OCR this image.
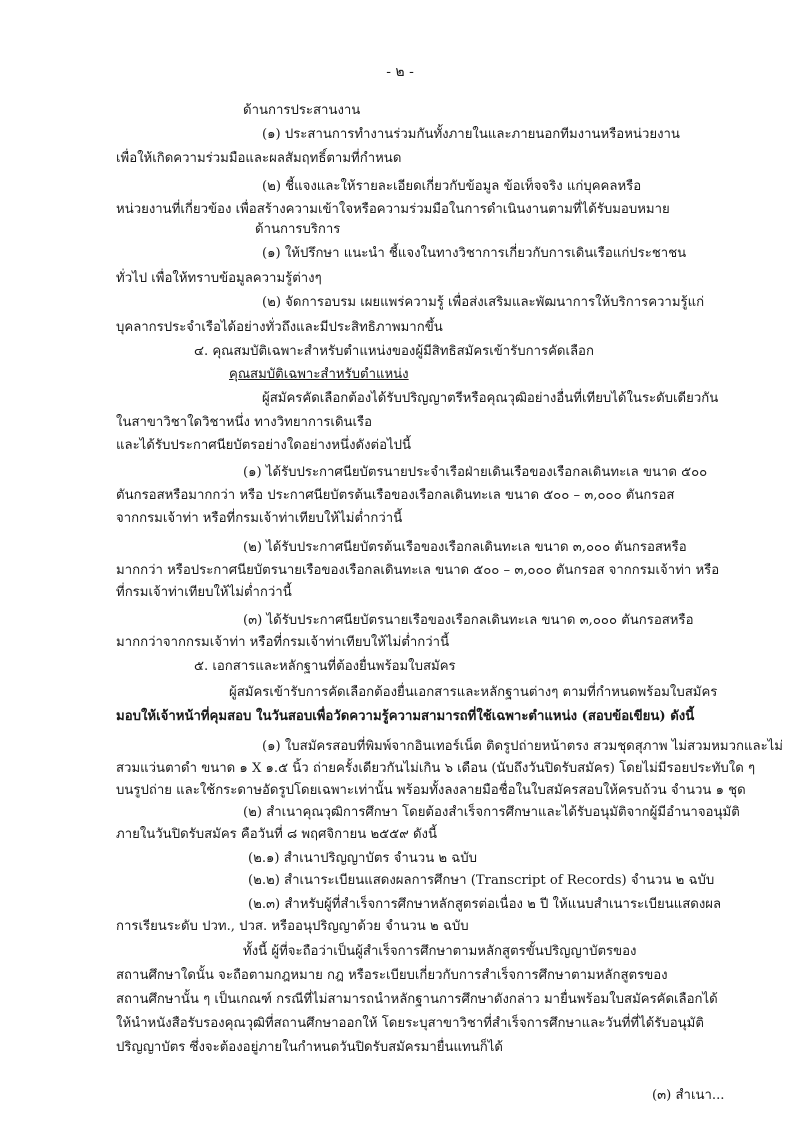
- ๒ -
ด้านการประสานงาน
(๑) ประสานการทำงานร่วมกันทั้งภายในและภายนอกทีมงานหรือหน่วยงาน
เพื่อให้เกิดความร่วมมือและผลสัมฤทธิ์ตามที่กำหนด
(๒) ชี้แจงและให้รายละเอียดเกี่ยวกับข้อมูล ข้อเท็จจริง แก่บุคคลหรือ
หน่วยงานที่เกี่ยวข้อง เพื่อสร้างความเข้าใจหรือความร่วมมือในการดำเนินงานตามที่ได้รับมอบหมาย
ด้านการบริการ
(๑) ให้ปรึกษา แนะนำ ชี้แจงในทางวิชาการเกี่ยวกับการเดินเรือแก่ประชาชน
ทั่วไป เพื่อให้ทราบข้อมูลความรู้ต่างๆ
(๒) จัดการอบรม เผยแพร่ความรู้ เพื่อส่งเสริมและพัฒนาการให้บริการความรู้แก่
บุคลากรประจำเรือได้อย่างทั่วถึงและมีประสิทธิภาพมากขึ้น
๔. คุณสมบัติเฉพาะสำหรับตำแหน่งของผู้มีสิทธิสมัครเข้ารับการคัดเลือก
คุณสมบัติเฉพาะสำหรับตำแหน่ง
ผู้สมัครคัดเลือกต้องได้รับปริญญาตรีหรือคุณวุฒิอย่างอื่นที่เทียบได้ในระดับเดียวกัน
ในสาขาวิชาใดวิชาหนึ่ง ทางวิทยาการเดินเรือ
และได้รับประกาศนียบัตรอย่างใดอย่างหนึ่งดังต่อไปนี้
(๑) ได้รับประกาศนียบัตรนายประจำเรือฝ่ายเดินเรือของเรือกลเดินทะเล ขนาด ๕๐๐
ตันกรอสหรือมากกว่า หรือ ประกาศนียบัตรต้นเรือของเรือกลเดินทะเล ขนาด ๕๐๐ – ๓,๐๐๐ ตันกรอส
จากกรมเจ้าท่า หรือที่กรมเจ้าท่าเทียบให้ไม่ต่ำกว่านี้
(๒) ได้รับประกาศนียบัตรต้นเรือของเรือกลเดินทะเล ขนาด ๓,๐๐๐ ตันกรอสหรือ
มากกว่า หรือประกาศนียบัตรนายเรือของเรือกลเดินทะเล ขนาด ๕๐๐ – ๓,๐๐๐ ตันกรอส จากกรมเจ้าท่า หรือ
ที่กรมเจ้าท่าเทียบให้ไม่ต่ำกว่านี้
(๓) ได้รับประกาศนียบัตรนายเรือของเรือกลเดินทะเล ขนาด ๓,๐๐๐ ตันกรอสหรือ
มากกว่าจากกรมเจ้าท่า หรือที่กรมเจ้าท่าเทียบให้ไม่ต่ำกว่านี้
๕. เอกสารและหลักฐานที่ต้องยื่นพร้อมใบสมัคร
ผู้สมัครเข้ารับการคัดเลือกต้องยื่นเอกสารและหลักฐานต่างๆ ตามที่กำหนดพร้อมใบสมัคร
มอบให้เจ้าหน้าที่คุมสอบ ในวันสอบเพื่อวัดความรู้ความสามารถที่ใช้เฉพาะตำแหน่ง (สอบข้อเขียน) ดังนี้
(๑) ใบสมัครสอบที่พิมพ์จากอินเทอร์เน็ต ติดรูปถ่ายหน้าตรง สวมชุดสุภาพ ไม่สวมหมวกและไม่
สวมแว่นตาดำ ขนาด ๑ X ๑.๕ นิ้ว ถ่ายครั้งเดียวกันไม่เกิน ๖ เดือน (นับถึงวันปิดรับสมัคร) โดยไม่มีรอยประทับใด ๆ
บนรูปถ่าย และใช้กระดาษอัดรูปโดยเฉพาะเท่านั้น พร้อมทั้งลงลายมือชื่อในใบสมัครสอบให้ครบถ้วน จำนวน ๑ ชุด
(๒) สำเนาคุณวุฒิการศึกษา โดยต้องสำเร็จการศึกษาและได้รับอนุมัติจากผู้มีอำนาจอนุมัติ
ภายในวันปิดรับสมัคร คือวันที่ ๘ พฤศจิกายน ๒๕๕๙ ดังนี้
(๒.๑) สำเนาปริญญาบัตร จำนวน ๒ ฉบับ
(๒.๒) สำเนาระเบียนแสดงผลการศึกษา (Transcript of Records) จำนวน ๒ ฉบับ
(๒.๓) สำหรับผู้ที่สำเร็จการศึกษาหลักสูตรต่อเนื่อง ๒ ปี ให้แนบสำเนาระเบียนแสดงผล
การเรียนระดับ ปวท., ปวส. หรืออนุปริญญาด้วย จำนวน ๒ ฉบับ
ทั้งนี้ ผู้ที่จะถือว่าเป็นผู้สำเร็จการศึกษาตามหลักสูตรขั้นปริญญาบัตรของ
สถานศึกษาใดนั้น จะถือตามกฎหมาย กฎ หรือระเบียบเกี่ยวกับการสำเร็จการศึกษาตามหลักสูตรของ
สถานศึกษานั้น ๆ เป็นเกณฑ์ กรณีที่ไม่สามารถนำหลักฐานการศึกษาดังกล่าว มายื่นพร้อมใบสมัครคัดเลือกได้
ให้นำหนังสือรับรองคุณวุฒิที่สถานศึกษาออกให้ โดยระบุสาขาวิชาที่สำเร็จการศึกษาและวันที่ที่ได้รับอนุมัติ
ปริญญาบัตร ซึ่งจะต้องอยู่ภายในกำหนดวันปิดรับสมัครมายื่นแทนก็ได้
(๓) สำเนา...
